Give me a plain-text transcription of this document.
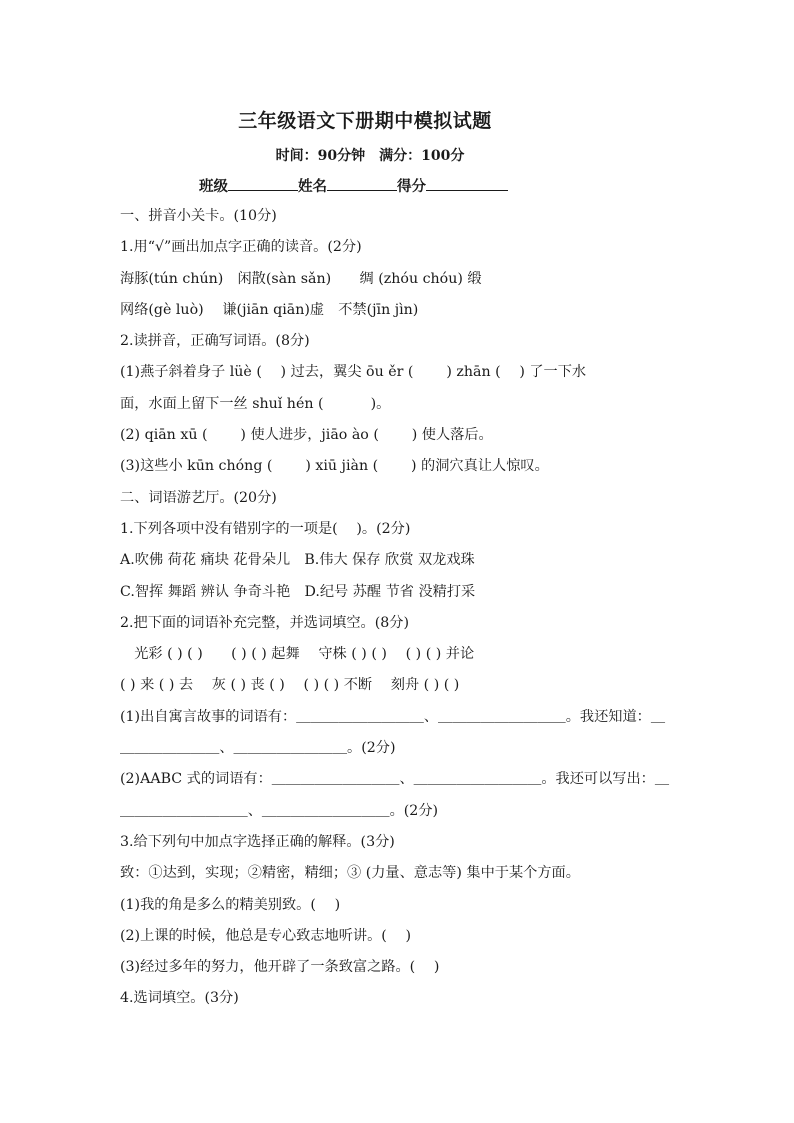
三年级语文下册期中模拟试题
时间：90分钟　满分：100分
班级	姓名	得分
一、拼音小关卡。(10分)
1.用“√”画出加点字正确的读音。(2分)
海豚(tún chún)　闲散(sàn sǎn)　　绸 (zhóu chóu) 缎
网络(gè luò)　 谦(jiān qiān)虚　不禁(jīn jìn)
2.读拼音，正确写词语。(8分)
(1)燕子斜着身子 lüè (　 ) 过去，翼尖 ōu ěr (　　 ) zhān (　 ) 了一下水
面，水面上留下一丝 shuǐ hén (　　　 )。
(2) qiān xū (　　 ) 使人进步，jiāo ào (　　 ) 使人落后。
(3)这些小 kūn chóng (　　 ) xiū jiàn (　　 ) 的洞穴真让人惊叹。
二、词语游艺厅。(20分)
1.下列各项中没有错别字的一项是(　 )。(2分)
A.吹佛 荷花 痛块 花骨朵儿　B.伟大 保存 欣赏 双龙戏珠
C.智挥 舞蹈 辨认 争奇斗艳　D.纪号 苏醒 节省 没精打采
2.把下面的词语补充完整，并选词填空。(8分)
　光彩 ( ) ( )　　( ) ( ) 起舞　 守株 ( ) ( )　 ( ) ( ) 并论
( ) 来 ( ) 去　 灰 ( ) 丧 ( )　 ( ) ( ) 不断　 刻舟 ( ) ( )
(1)出自寓言故事的词语有：＿＿＿＿＿＿＿＿＿、＿＿＿＿＿＿＿＿＿。我还知道：＿
＿＿＿＿＿＿＿、＿＿＿＿＿＿＿＿。(2分)
(2)AABC 式的词语有：＿＿＿＿＿＿＿＿＿、＿＿＿＿＿＿＿＿＿。我还可以写出：＿
＿＿＿＿＿＿＿＿＿、＿＿＿＿＿＿＿＿＿。(2分)
3.给下列句中加点字选择正确的解释。(3分)
致：①达到，实现；②精密，精细；③ (力量、意志等) 集中于某个方面。
(1)我的角是多么的精美别致。(　 )
(2)上课的时候，他总是专心致志地听讲。(　 )
(3)经过多年的努力，他开辟了一条致富之路。(　 )
4.选词填空。(3分)
